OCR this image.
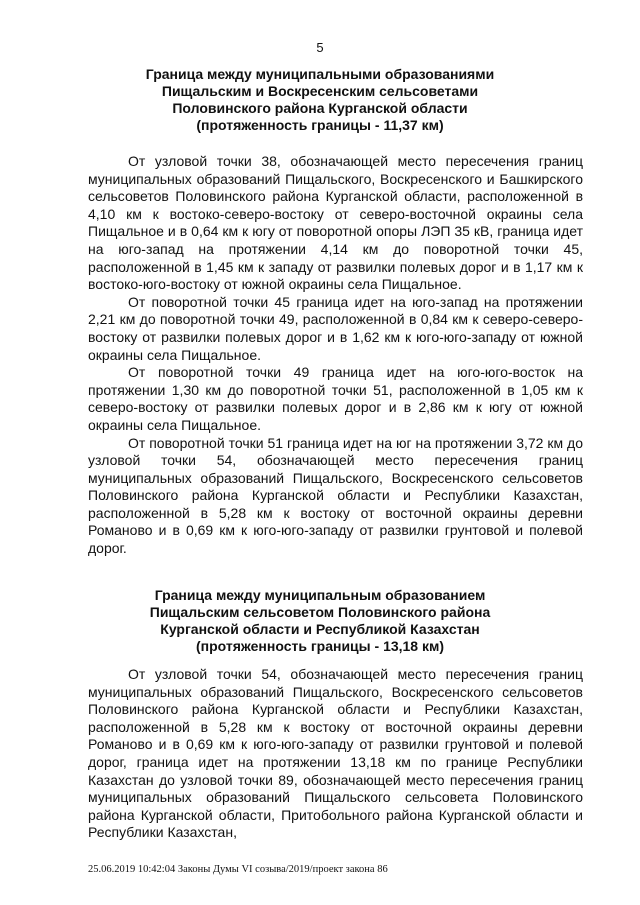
5
Граница между муниципальными образованиями
Пищальским и Воскресенским сельсоветами
Половинского района Курганской области
(протяженность границы - 11,37 км)

От узловой точки 38, обозначающей место пересечения границ муниципальных образований Пищальского, Воскресенского и Башкирского сельсоветов Половинского района Курганской области, расположенной в 4,10 км к востоко-северо-востоку от северо-восточной окраины села Пищальное и в 0,64 км к югу от поворотной опоры ЛЭП 35 кВ, граница идет на юго-запад на протяжении 4,14 км до поворотной точки 45, расположенной в 1,45 км к западу от развилки полевых дорог и в 1,17 км к востоко-юго-востоку от южной окраины села Пищальное.

От поворотной точки 45 граница идет на юго-запад на протяжении 2,21 км до поворотной точки 49, расположенной в 0,84 км к северо-северо-востоку от развилки полевых дорог и в 1,62 км к юго-юго-западу от южной окраины села Пищальное.

От поворотной точки 49 граница идет на юго-юго-восток на протяжении 1,30 км до поворотной точки 51, расположенной в 1,05 км к северо-востоку от развилки полевых дорог и в 2,86 км к югу от южной окраины села Пищальное.

От поворотной точки 51 граница идет на юг на протяжении 3,72 км до узловой точки 54, обозначающей место пересечения границ муниципальных образований Пищальского, Воскресенского сельсоветов Половинского района Курганской области и Республики Казахстан, расположенной в 5,28 км к востоку от восточной окраины деревни Романово и в 0,69 км к юго-юго-западу от развилки грунтовой и полевой дорог.

Граница между муниципальным образованием
Пищальским сельсоветом Половинского района
Курганской области и Республикой Казахстан
(протяженность границы - 13,18 км)

От узловой точки 54, обозначающей место пересечения границ муниципальных образований Пищальского, Воскресенского сельсоветов Половинского района Курганской области и Республики Казахстан, расположенной в 5,28 км к востоку от восточной окраины деревни Романово и в 0,69 км к юго-юго-западу от развилки грунтовой и полевой дорог, граница идет на протяжении 13,18 км по границе Республики Казахстан до узловой точки 89, обозначающей место пересечения границ муниципальных образований Пищальского сельсовета Половинского района Курганской области, Притобольного района Курганской области и Республики Казахстан,

25.06.2019 10:42:04 Законы Думы VI созыва/2019/проект закона 86
